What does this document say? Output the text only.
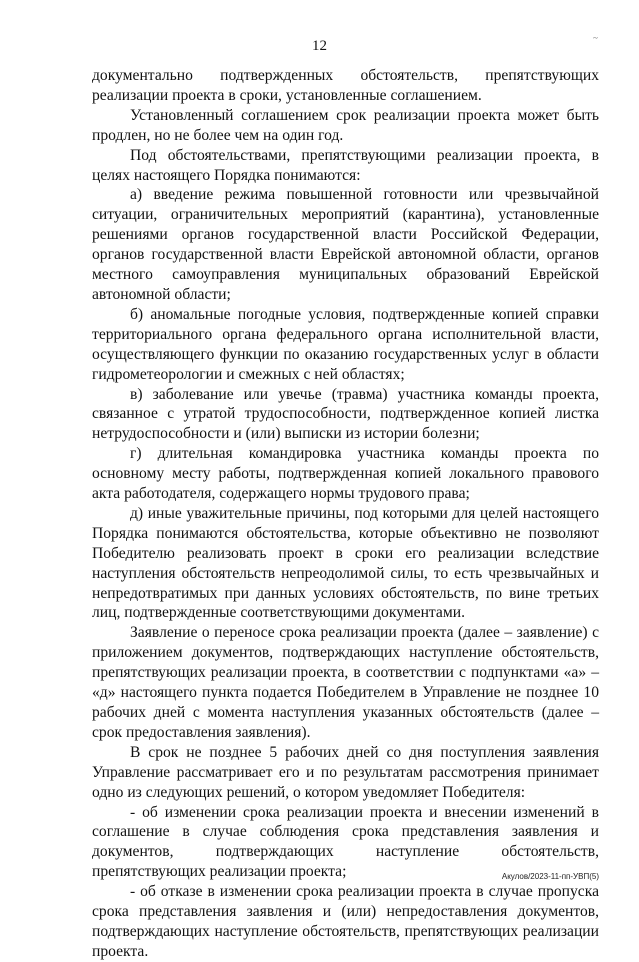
12	~

документально подтвержденных обстоятельств, препятствующих реализации проекта в сроки, установленные соглашением.

Установленный соглашением срок реализации проекта может быть продлен, но не более чем на один год.

Под обстоятельствами, препятствующими реализации проекта, в целях настоящего Порядка понимаются:

а) введение режима повышенной готовности или чрезвычайной ситуации, ограничительных мероприятий (карантина), установленные решениями органов государственной власти Российской Федерации, органов государственной власти Еврейской автономной области, органов местного самоуправления муниципальных образований Еврейской автономной области;

б) аномальные погодные условия, подтвержденные копией справки территориального органа федерального органа исполнительной власти, осуществляющего функции по оказанию государственных услуг в области гидрометеорологии и смежных с ней областях;

в) заболевание или увечье (травма) участника команды проекта, связанное с утратой трудоспособности, подтвержденное копией листка нетрудоспособности и (или) выписки из истории болезни;

г) длительная командировка участника команды проекта по основному месту работы, подтвержденная копией локального правового акта работодателя, содержащего нормы трудового права;

д) иные уважительные причины, под которыми для целей настоящего Порядка понимаются обстоятельства, которые объективно не позволяют Победителю реализовать проект в сроки его реализации вследствие наступления обстоятельств непреодолимой силы, то есть чрезвычайных и непредотвратимых при данных условиях обстоятельств, по вине третьих лиц, подтвержденные соответствующими документами.

Заявление о переносе срока реализации проекта (далее – заявление) с приложением документов, подтверждающих наступление обстоятельств, препятствующих реализации проекта, в соответствии с подпунктами «а» – «д» настоящего пункта подается Победителем в Управление не позднее 10 рабочих дней с момента наступления указанных обстоятельств (далее – срок предоставления заявления).

В срок не позднее 5 рабочих дней со дня поступления заявления Управление рассматривает его и по результатам рассмотрения принимает одно из следующих решений, о котором уведомляет Победителя:

- об изменении срока реализации проекта и внесении изменений в соглашение в случае соблюдения срока представления заявления и документов, подтверждающих наступление обстоятельств, препятствующих реализации проекта;

- об отказе в изменении срока реализации проекта в случае пропуска срока представления заявления и (или) непредоставления документов, подтверждающих наступление обстоятельств, препятствующих реализации проекта.

Акулов/2023-11-пп-УВП(5)
